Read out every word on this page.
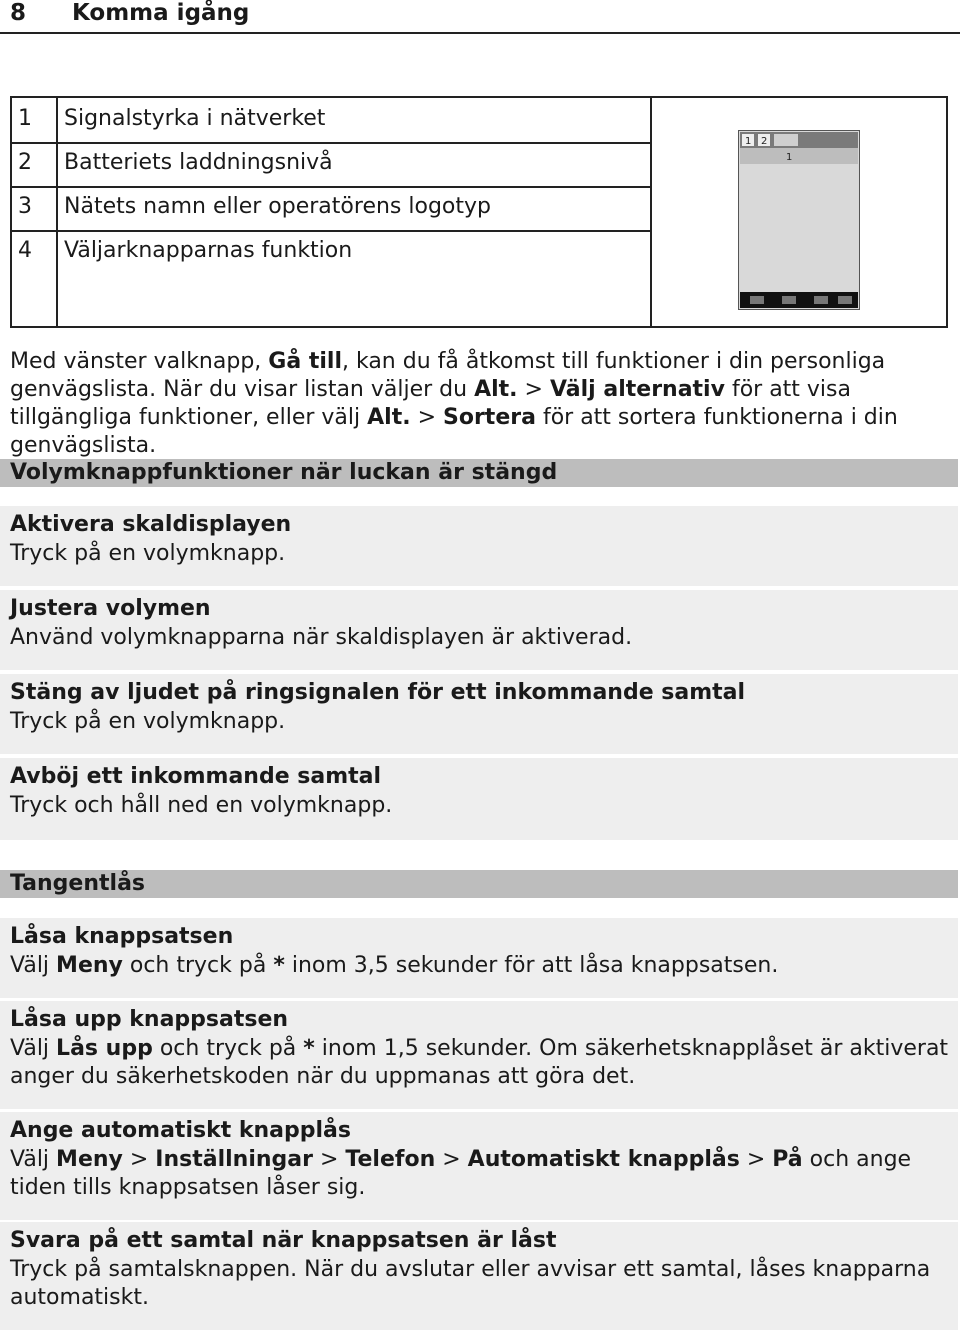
8 Komma igång
1 Signalstyrka i nätverket
2 Batteriets laddningsnivå
3 Nätets namn eller operatörens logotyp
4 Väljarknapparnas funktion
1 2
1
Med vänster valknapp, Gå till, kan du få åtkomst till funktioner i din personliga genvägslista. När du visar listan väljer du Alt. > Välj alternativ för att visa tillgängliga funktioner, eller välj Alt. > Sortera för att sortera funktionerna i din genvägslista.
Volymknappfunktioner när luckan är stängd
Aktivera skaldisplayen
Tryck på en volymknapp.
Justera volymen
Använd volymknapparna när skaldisplayen är aktiverad.
Stäng av ljudet på ringsignalen för ett inkommande samtal
Tryck på en volymknapp.
Avböj ett inkommande samtal
Tryck och håll ned en volymknapp.
Tangentlås
Låsa knappsatsen
Välj Meny och tryck på * inom 3,5 sekunder för att låsa knappsatsen.
Låsa upp knappsatsen
Välj Lås upp och tryck på * inom 1,5 sekunder. Om säkerhetsknapplåset är aktiverat anger du säkerhetskoden när du uppmanas att göra det.
Ange automatiskt knapplås
Välj Meny > Inställningar > Telefon > Automatiskt knapplås > På och ange tiden tills knappsatsen låser sig.
Svara på ett samtal när knappsatsen är låst
Tryck på samtalsknappen. När du avslutar eller avvisar ett samtal, låses knapparna automatiskt.
